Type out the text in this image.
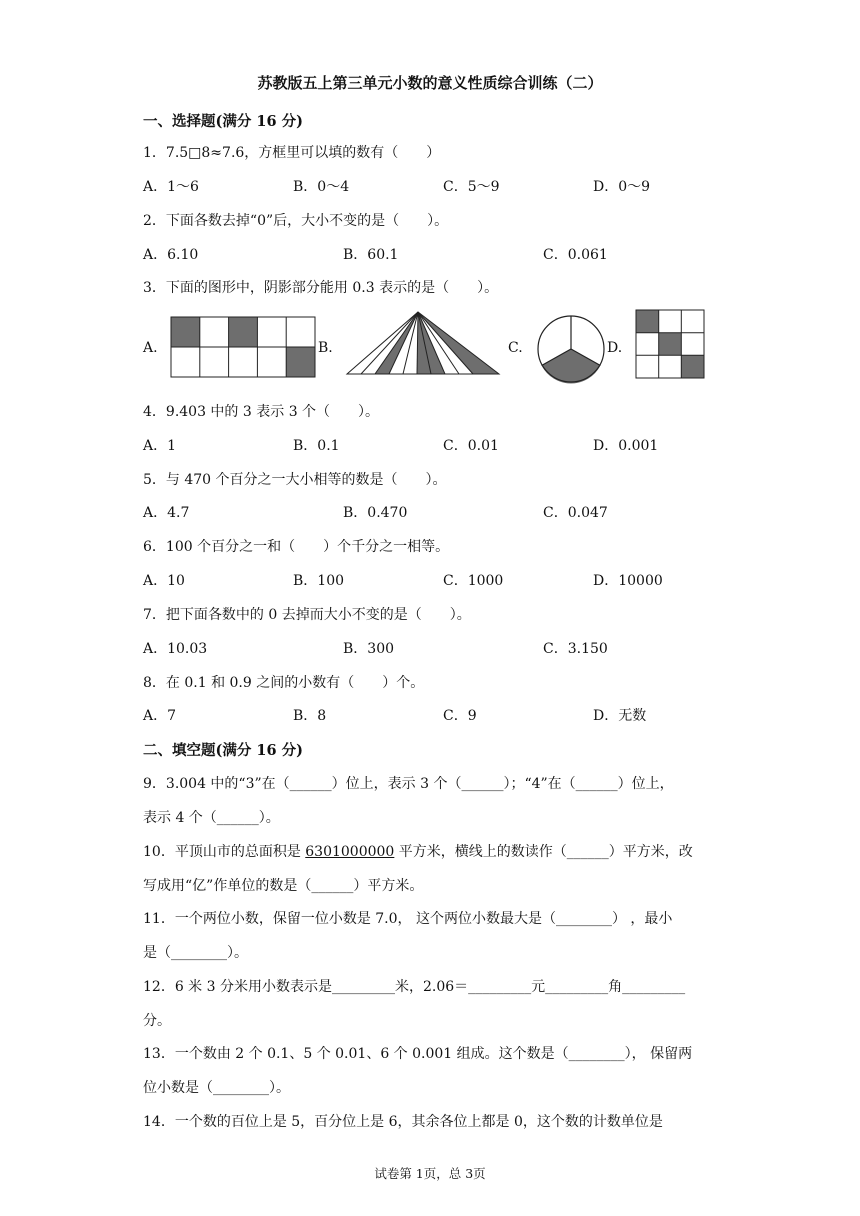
苏教版五上第三单元小数的意义性质综合训练（二）
一、选择题(满分 16 分)
1．7.5□8≈7.6，方框里可以填的数有（　　）
A．1～6	B．0～4	C．5～9	D．0～9
2．下面各数去掉“0”后，大小不变的是（　　）。
A．6.10	B．60.1	C．0.061
3．下面的图形中，阴影部分能用 0.3 表示的是（　　）。
A.	B.	C.	D.
4．9.403 中的 3 表示 3 个（　　）。
A．1	B．0.1	C．0.01	D．0.001
5．与 470 个百分之一大小相等的数是（　　）。
A．4.7	B．0.470	C．0.047
6．100 个百分之一和（　　）个千分之一相等。
A．10	B．100	C．1000	D．10000
7．把下面各数中的 0 去掉而大小不变的是（　　）。
A．10.03	B．300	C．3.150
8．在 0.1 和 0.9 之间的小数有（　　）个。
A．7	B．8	C．9	D．无数
二、填空题(满分 16 分)
9．3.004 中的“3”在（______）位上，表示 3 个（______）；“4”在（______）位上，
表示 4 个（______）。
10．平顶山市的总面积是 6301000000 平方米，横线上的数读作（______）平方米，改
写成用“亿”作单位的数是（______）平方米。
11．一个两位小数，保留一位小数是 7.0， 这个两位小数最大是（________） ，最小
是（________）。
12．6 米 3 分米用小数表示是_________米，2.06＝_________元_________角_________
分。
13．一个数由 2 个 0.1、5 个 0.01、6 个 0.001 组成。这个数是（________）， 保留两
位小数是（________）。
14．一个数的百位上是 5，百分位上是 6，其余各位上都是 0，这个数的计数单位是
试卷第 1页，总 3页
